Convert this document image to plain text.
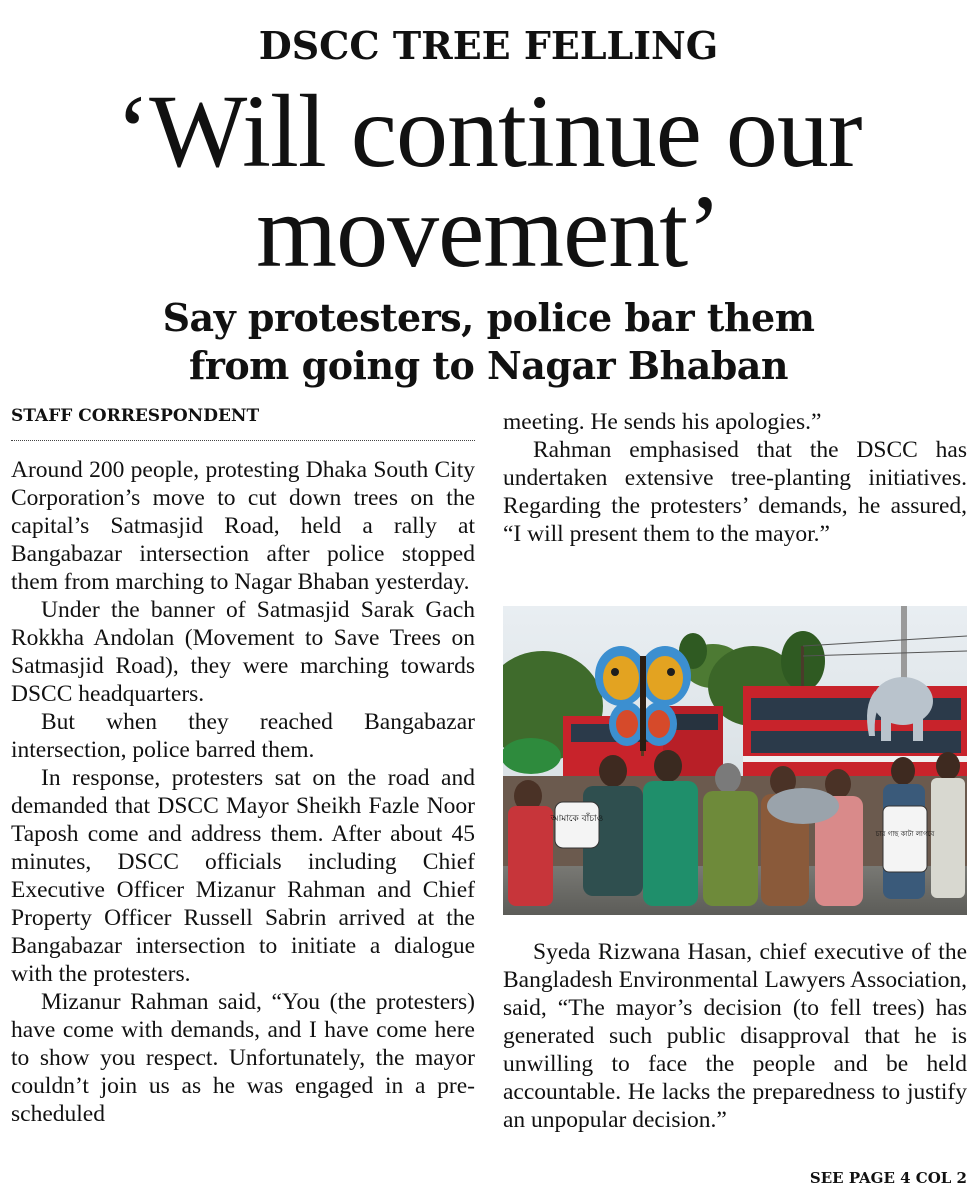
DSCC TREE FELLING
‘Will continue our
movement’
Say protesters, police bar them
from going to Nagar Bhaban
STAFF CORRESPONDENT

Around 200 people, protesting Dhaka South City Corporation’s move to cut down trees on the capital’s Satmasjid Road, held a rally at Bangabazar intersection after police stopped them from marching to Nagar Bhaban yesterday.

Under the banner of Satmasjid Sarak Gach Rokkha Andolan (Movement to Save Trees on Satmasjid Road), they were marching towards DSCC headquarters.

But when they reached Bangabazar intersection, police barred them.

In response, protesters sat on the road and demanded that DSCC Mayor Sheikh Fazle Noor Taposh come and address them. After about 45 minutes, DSCC officials including Chief Executive Officer Mizanur Rahman and Chief Property Officer Russell Sabrin arrived at the Bangabazar intersection to initiate a dialogue with the protesters.

Mizanur Rahman said, “You (the protesters) have come with demands, and I have come here to show you respect. Unfortunately, the mayor couldn’t join us as he was engaged in a pre-scheduled

meeting. He sends his apologies.”

Rahman emphasised that the DSCC has undertaken extensive tree-planting initiatives. Regarding the protesters’ demands, he assured, “I will present them to the mayor.”

আমাকে বাঁচাও
চার গাছ কাটা লাগবে

Syeda Rizwana Hasan, chief executive of the Bangladesh Environmental Lawyers Association, said, “The mayor’s decision (to fell trees) has generated such public disapproval that he is unwilling to face the people and be held accountable. He lacks the preparedness to justify an unpopular decision.”

SEE PAGE 4 COL 2
